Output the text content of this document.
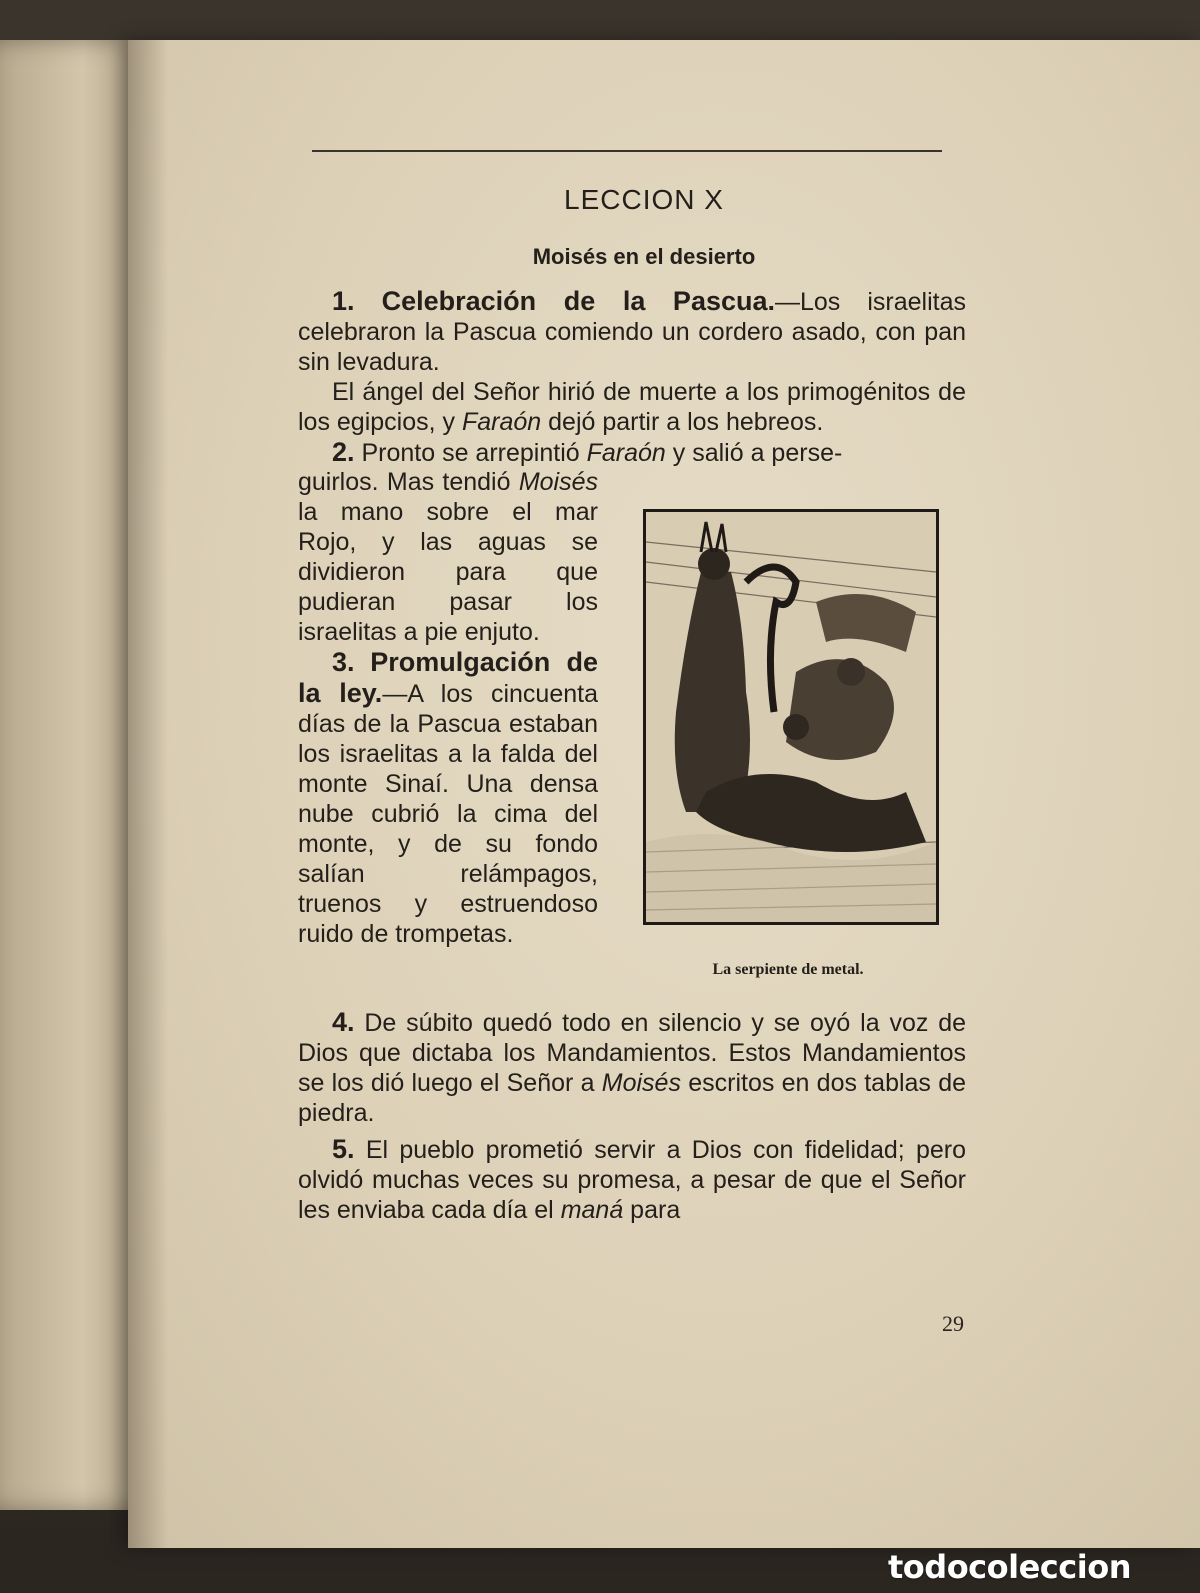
LECCION X
Moisés en el desierto

1. Celebración de la Pascua.—Los israelitas celebraron la Pascua comiendo un cordero asado, con pan sin levadura.

El ángel del Señor hirió de muerte a los primogénitos de los egipcios, y Faraón dejó partir a los hebreos.

2. Pronto se arrepintió Faraón y salió a perse-

guirlos. Mas tendió Moisés la mano sobre el mar Rojo, y las aguas se dividieron para que pudieran pasar los israelitas a pie enjuto.

3. Promulgación de la ley.—A los cincuenta días de la Pascua estaban los israelitas a la falda del monte Sinaí. Una densa nube cubrió la cima del monte, y de su fondo salían relámpagos, truenos y estruendoso ruido de trompetas.

La serpiente de metal.

4. De súbito quedó todo en silencio y se oyó la voz de Dios que dictaba los Mandamientos. Estos Mandamientos se los dió luego el Señor a Moisés escritos en dos tablas de piedra.

5. El pueblo prometió servir a Dios con fidelidad; pero olvidó muchas veces su promesa, a pesar de que el Señor les enviaba cada día el maná para

29
todocoleccion
